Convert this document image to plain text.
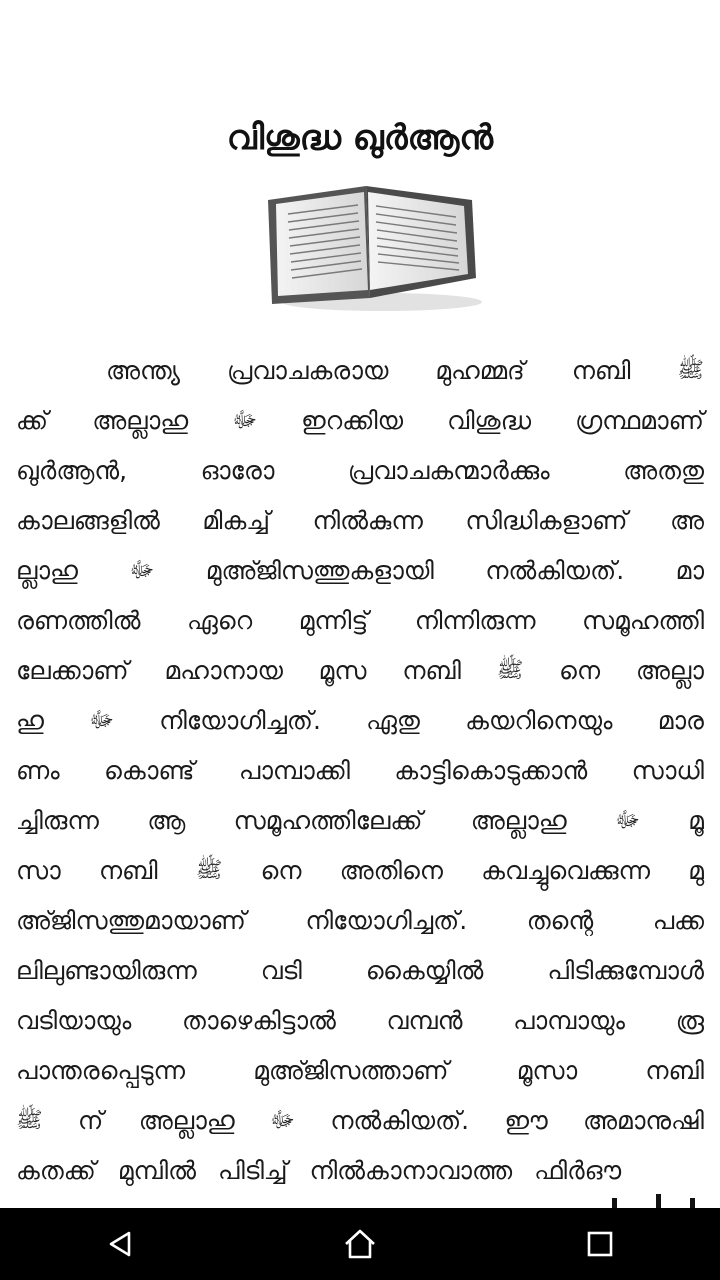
വിശുദ്ധ ഖുർആൻ
അന്ത്യ പ്രവാചകരായ മുഹമ്മദ് നബി ﷺ
ക്ക് അല്ലാഹു ﷻ ഇറക്കിയ വിശുദ്ധ ഗ്രന്ഥമാണ്
ഖുർആൻ,	ഓരോ	പ്രവാചകന്മാർക്കും	അതതു
കാലങ്ങളിൽ മികച്ച് നിൽകുന്ന സിദ്ധികളാണ് അ
ല്ലാഹു ﷻ മുഅ്ജിസത്തുകളായി നൽകിയത്. മാ
രണത്തിൽ ഏറെ മുന്നിട്ട് നിന്നിരുന്ന സമൂഹത്തി
ലേക്കാണ് മഹാനായ മൂസ നബി ﷺ നെ അല്ലാ
ഹു ﷻ നിയോഗിച്ചത്. ഏതു കയറിനെയും മാര
ണം കൊണ്ട് പാമ്പാക്കി കാട്ടികൊടുക്കാൻ സാധി
ച്ചിരുന്ന ആ സമൂഹത്തിലേക്ക് അല്ലാഹു ﷻ മൂ
സാ നബി ﷺ നെ അതിനെ കവച്ചുവെക്കുന്ന മു
അ്ജിസത്തുമായാണ് നിയോഗിച്ചത്. തന്റെ പക്ക
ലിലുണ്ടായിരുന്ന	വടി	കൈയ്യിൽ	പിടിക്കുമ്പോൾ
വടിയായും താഴെകിട്ടാൽ വമ്പൻ പാമ്പായും രൂ
പാന്തരപ്പെടുന്ന	മുഅ്ജിസത്താണ്	മൂസാ	നബി
ﷺ ന് അല്ലാഹു ﷻ നൽകിയത്. ഈ അമാനുഷി
കതക്ക് മുമ്പിൽ പിടിച്ച് നിൽകാനാവാത്ത ഫിർഔ
